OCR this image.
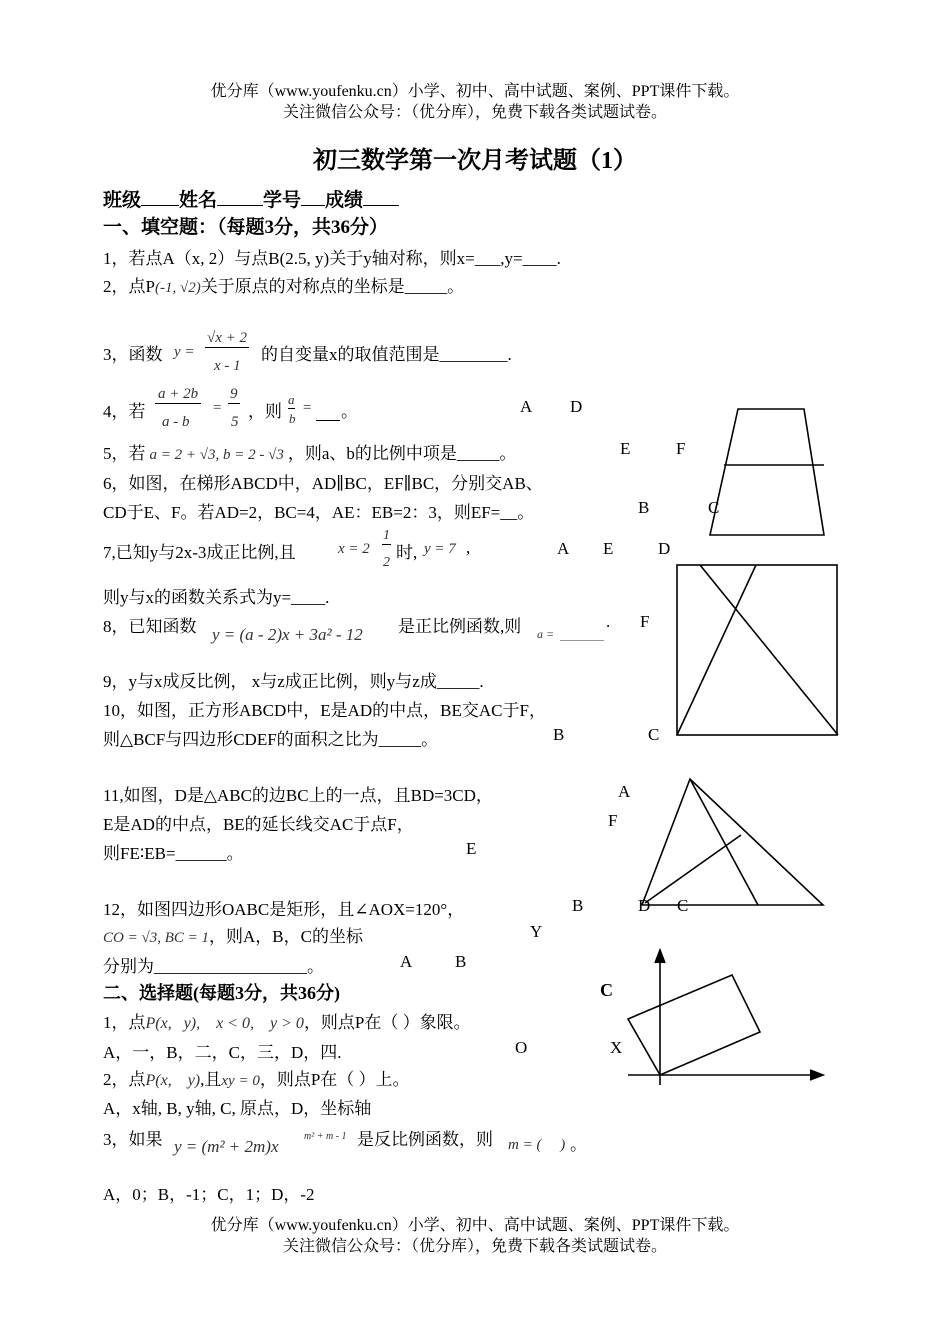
优分库（www.youfenku.cn）小学、初中、高中试题、案例、PPT课件下载。
关注微信公众号：（优分库），免费下载各类试题试卷。
初三数学第一次月考试题（1）
班级 姓名 学号 成绩
一、填空题：（每题3分，共36分）
1，若点A（x, 2）与点B(2.5, y)关于y轴对称，则x=___,y=____.
2，点P(-1, √2)关于原点的对称点的坐标是_____。
3，函数 y =
√x + 2
x - 1
的自变量x的取值范围是________.
4，若
a + 2b
a - b
=
9
5
，则
a
b
= 。
5，若 a = 2 + √3, b = 2 - √3 ，则a、b的比例中项是_____。
6，如图，在梯形ABCD中，AD∥BC，EF∥BC，分别交AB、
CD于E、F。若AD=2，BC=4，AE：EB=2：3，则EF=__。
7,已知y与2x-3成正比例,且	x = 2
1
2
时, y = 7 ,
则y与x的函数关系式为y=____.
8，已知函数 y = (a - 2)x + 3a² - 12 是正比例函数,则 a =
.
9，y与x成反比例， x与z成正比例，则y与z成_____.
10，如图，正方形ABCD中，E是AD的中点，BE交AC于F，
则△BCF与四边形CDEF的面积之比为_____。
11,如图，D是△ABC的边BC上的一点，且BD=3CD，
E是AD的中点，BE的延长线交AC于点F，
则FE∶EB=______。
12，如图四边形OABC是矩形，且∠AOX=120°，
CO = √3, BC = 1，则A，B，C的坐标
分别为__________________。
二、选择题(每题3分，共36分)
1，点P(x,   y),    x < 0,    y > 0，则点P在（ ）象限。
A，一，B，二，C，三，D，四.
2，点P(x,    y),且xy = 0，则点P在（ ）上。
A，x轴, B, y轴, C, 原点，D，坐标轴
3，如果 y = (m² + 2m)x
m² + m - 1 是反比例函数，则 m = (     ) 。
A，0；B，-1；C，1；D，-2
A D
E	F
B	C
A E	D
F
B	C
A
F
E
B	D C
Y
A	B
C
O	X
优分库（www.youfenku.cn）小学、初中、高中试题、案例、PPT课件下载。
关注微信公众号：（优分库），免费下载各类试题试卷。
